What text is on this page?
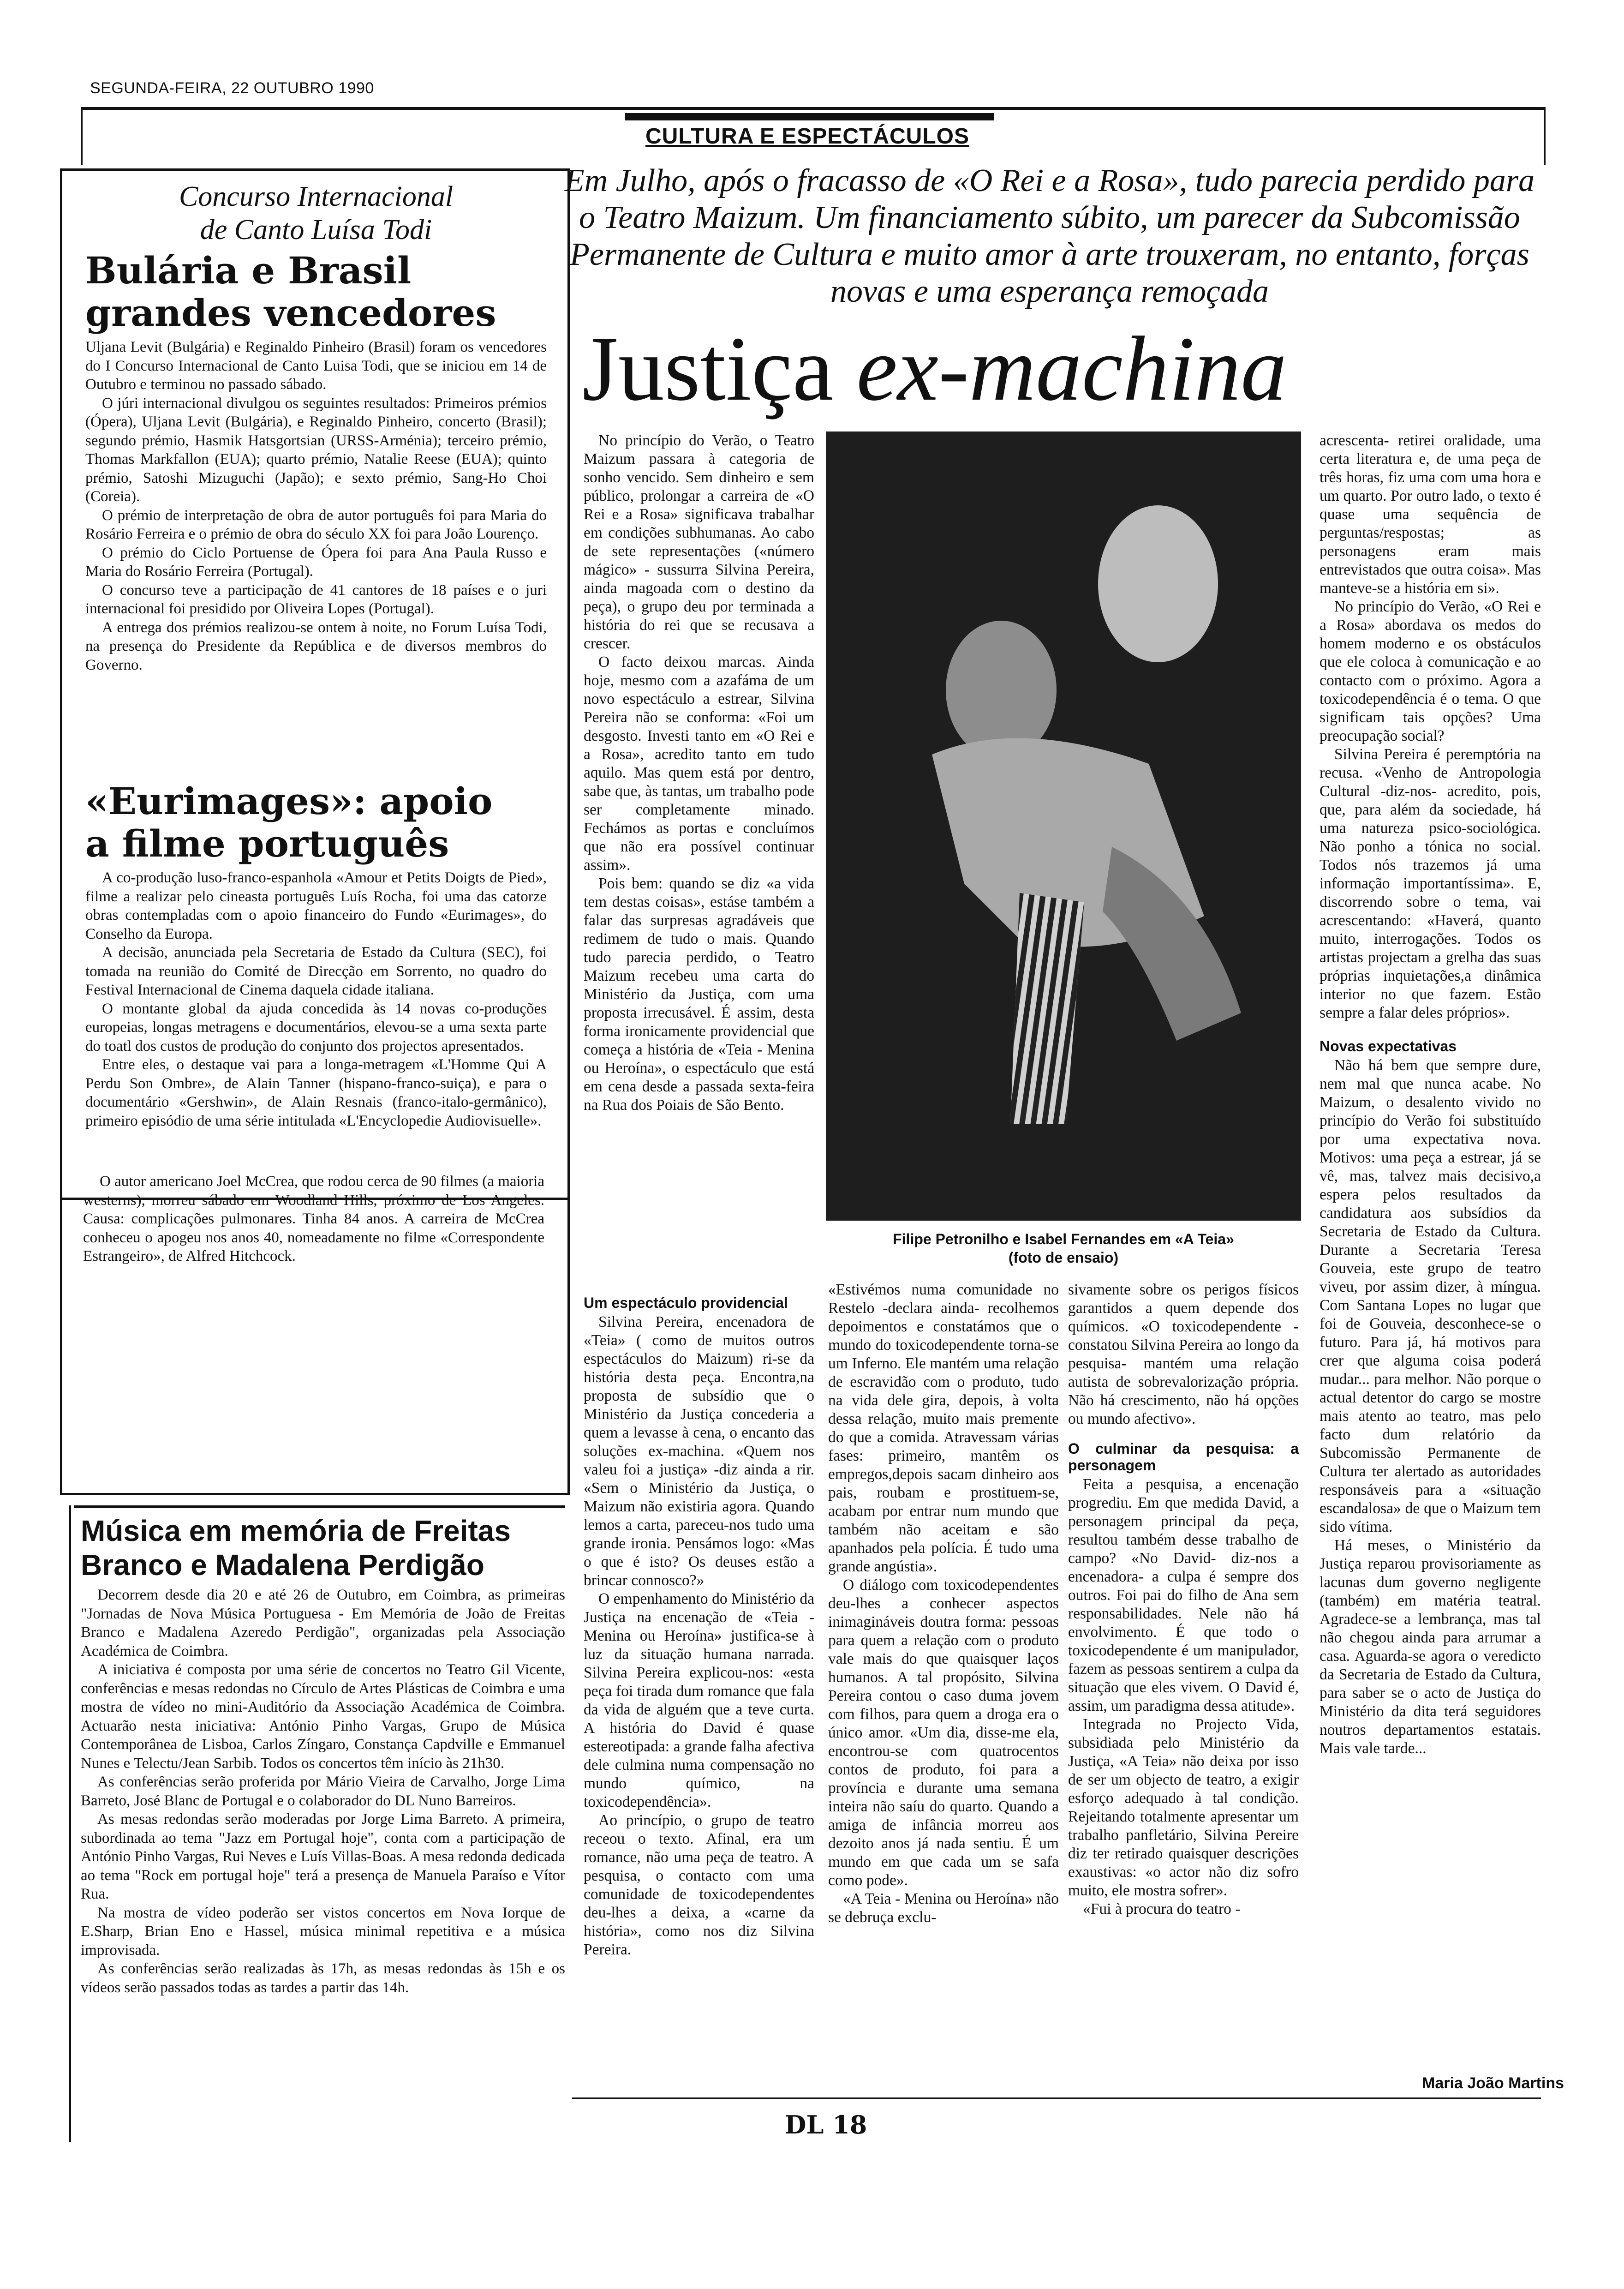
SEGUNDA-FEIRA, 22 OUTUBRO 1990
CULTURA E ESPECTÁCULOS
Em Julho, após o fracasso de «O Rei e a Rosa», tudo parecia perdido para o Teatro Maizum. Um financiamento súbito, um parecer da Subcomissão Permanente de Cultura e muito amor à arte trouxeram, no entanto, forças novas e uma esperança remoçada
Justiça ex-machina
Concurso Internacional
de Canto Luísa Todi
Bulária e Brasil
grandes vencedores

Uljana Levit (Bulgária) e Reginaldo Pinheiro (Brasil) foram os vencedores do I Concurso Internacional de Canto Luisa Todi, que se iniciou em 14 de Outubro e terminou no passado sábado.

O júri internacional divulgou os seguintes resultados: Primeiros prémios (Ópera), Uljana Levit (Bulgária), e Reginaldo Pinheiro, concerto (Brasil); segundo prémio, Hasmik Hatsgortsian (URSS-Arménia); terceiro prémio, Thomas Markfallon (EUA); quarto prémio, Natalie Reese (EUA); quinto prémio, Satoshi Mizuguchi (Japão); e sexto prémio, Sang-Ho Choi (Coreia).

O prémio de interpretação de obra de autor português foi para Maria do Rosário Ferreira e o prémio de obra do século XX foi para João Lourenço.

O prémio do Ciclo Portuense de Ópera foi para Ana Paula Russo e Maria do Rosário Ferreira (Portugal).

O concurso teve a participação de 41 cantores de 18 países e o juri internacional foi presidido por Oliveira Lopes (Portugal).

A entrega dos prémios realizou-se ontem à noite, no Forum Luísa Todi, na presença do Presidente da República e de diversos membros do Governo.

«Eurimages»: apoio
a filme português

A co-produção luso-franco-espanhola «Amour et Petits Doigts de Pied», filme a realizar pelo cineasta português Luís Rocha, foi uma das catorze obras contempladas com o apoio financeiro do Fundo «Eurimages», do Conselho da Europa.

A decisão, anunciada pela Secretaria de Estado da Cultura (SEC), foi tomada na reunião do Comité de Direcção em Sorrento, no quadro do Festival Internacional de Cinema daquela cidade italiana.

O montante global da ajuda concedida às 14 novas co-produções europeias, longas metragens e documentários, elevou-se a uma sexta parte do toatl dos custos de produção do conjunto dos projectos apresentados.

Entre eles, o destaque vai para a longa-metragem «L'Homme Qui A Perdu Son Ombre», de Alain Tanner (hispano-franco-suiça), e para o documentário «Gershwin», de Alain Resnais (franco-italo-germânico), primeiro episódio de uma série intitulada «L'Encyclopedie Audiovisuelle».

O autor americano Joel McCrea, que rodou cerca de 90 filmes (a maioria westerns), morreu sábado em Woodland Hills, próximo de Los Angeles. Causa: complicações pulmonares. Tinha 84 anos. A carreira de McCrea conheceu o apogeu nos anos 40, nomeadamente no filme «Correspondente Estrangeiro», de Alfred Hitchcock.

Música em memória de Freitas
Branco e Madalena Perdigão

Decorrem desde dia 20 e até 26 de Outubro, em Coimbra, as primeiras "Jornadas de Nova Música Portuguesa - Em Memória de João de Freitas Branco e Madalena Azeredo Perdigão", organizadas pela Associação Académica de Coimbra.

A iniciativa é composta por uma série de concertos no Teatro Gil Vicente, conferências e mesas redondas no Círculo de Artes Plásticas de Coimbra e uma mostra de vídeo no mini-Auditório da Associação Académica de Coimbra. Actuarão nesta iniciativa: António Pinho Vargas, Grupo de Música Contemporânea de Lisboa, Carlos Zíngaro, Constança Capdville e Emmanuel Nunes e Telectu/Jean Sarbib. Todos os concertos têm início às 21h30.

As conferências serão proferida por Mário Vieira de Carvalho, Jorge Lima Barreto, José Blanc de Portugal e o colaborador do DL Nuno Barreiros.

As mesas redondas serão moderadas por Jorge Lima Barreto. A primeira, subordinada ao tema "Jazz em Portugal hoje", conta com a participação de António Pinho Vargas, Rui Neves e Luís Villas-Boas. A mesa redonda dedicada ao tema "Rock em portugal hoje" terá a presença de Manuela Paraíso e Vítor Rua.

Na mostra de vídeo poderão ser vistos concertos em Nova Iorque de E.Sharp, Brian Eno e Hassel, música minimal repetitiva e a música improvisada.

As conferências serão realizadas às 17h, as mesas redondas às 15h e os vídeos serão passados todas as tardes a partir das 14h.

No princípio do Verão, o Teatro Maizum passara à categoria de sonho vencido. Sem dinheiro e sem público, prolongar a carreira de «O Rei e a Rosa» significava trabalhar em condições subhumanas. Ao cabo de sete representações («número mágico» - sussurra Silvina Pereira, ainda magoada com o destino da peça), o grupo deu por terminada a história do rei que se recusava a crescer.

O facto deixou marcas. Ainda hoje, mesmo com a azafáma de um novo espectáculo a estrear, Silvina Pereira não se conforma: «Foi um desgosto. Investi tanto em «O Rei e a Rosa», acredito tanto em tudo aquilo. Mas quem está por dentro, sabe que, às tantas, um trabalho pode ser completamente minado. Fechámos as portas e concluímos que não era possível continuar assim».

Pois bem: quando se diz «a vida tem destas coisas», estáse também a falar das surpresas agradáveis que redimem de tudo o mais. Quando tudo parecia perdido, o Teatro Maizum recebeu uma carta do Ministério da Justiça, com uma proposta irrecusável. É assim, desta forma ironicamente providencial que começa a história de «Teia - Menina ou Heroína», o espectáculo que está em cena desde a passada sexta-feira na Rua dos Poiais de São Bento.

Um espectáculo providencial

Silvina Pereira, encenadora de «Teia» ( como de muitos outros espectáculos do Maizum) ri-se da história desta peça. Encontra,na proposta de subsídio que o Ministério da Justiça concederia a quem a levasse à cena, o encanto das soluções ex-machina. «Quem nos valeu foi a justiça» -diz ainda a rir. «Sem o Ministério da Justiça, o Maizum não existiria agora. Quando lemos a carta, pareceu-nos tudo uma grande ironia. Pensámos logo: «Mas o que é isto? Os deuses estão a brincar connosco?»

O empenhamento do Ministério da Justiça na encenação de «Teia - Menina ou Heroína» justifica-se à luz da situação humana narrada. Silvina Pereira explicou-nos: «esta peça foi tirada dum romance que fala da vida de alguém que a teve curta. A história do David é quase estereotipada: a grande falha afectiva dele culmina numa compensação no mundo químico, na toxicodependência».

Ao princípio, o grupo de teatro receou o texto. Afinal, era um romance, não uma peça de teatro. A pesquisa, o contacto com uma comunidade de toxicodependentes deu-lhes a deixa, a «carne da história», como nos diz Silvina Pereira.

Filipe Petronilho e Isabel Fernandes em «A Teia»
(foto de ensaio)

«Estivémos numa comunidade no Restelo -declara ainda- recolhemos depoimentos e constatámos que o mundo do toxicodependente torna-se um Inferno. Ele mantém uma relação de escravidão com o produto, tudo na vida dele gira, depois, à volta dessa relação, muito mais premente do que a comida. Atravessam várias fases: primeiro, mantêm os empregos,depois sacam dinheiro aos pais, roubam e prostituem-se, acabam por entrar num mundo que também não aceitam e são apanhados pela polícia. É tudo uma grande angústia».

O diálogo com toxicodependentes deu-lhes a conhecer aspectos inimagináveis doutra forma: pessoas para quem a relação com o produto vale mais do que quaisquer laços humanos. A tal propósito, Silvina Pereira contou o caso duma jovem com filhos, para quem a droga era o único amor. «Um dia, disse-me ela, encontrou-se com quatrocentos contos de produto, foi para a província e durante uma semana inteira não saíu do quarto. Quando a amiga de infância morreu aos dezoito anos já nada sentiu. É um mundo em que cada um se safa como pode».

«A Teia - Menina ou Heroína» não se debruça exclu-

sivamente sobre os perigos físicos garantidos a quem depende dos químicos. «O toxicodependente - constatou Silvina Pereira ao longo da pesquisa- mantém uma relação autista de sobrevalorização própria. Não há crescimento, não há opções ou mundo afectivo».

O culminar da pesquisa: a personagem

Feita a pesquisa, a encenação progrediu. Em que medida David, a personagem principal da peça, resultou também desse trabalho de campo? «No David- diz-nos a encenadora- a culpa é sempre dos outros. Foi pai do filho de Ana sem responsabilidades. Nele não há envolvimento. É que todo o toxicodependente é um manipulador, fazem as pessoas sentirem a culpa da situação que eles vivem. O David é, assim, um paradigma dessa atitude».

Integrada no Projecto Vida, subsidiada pelo Ministério da Justiça, «A Teia» não deixa por isso de ser um objecto de teatro, a exigir esforço adequado à tal condição. Rejeitando totalmente apresentar um trabalho panfletário, Silvina Pereire diz ter retirado quaisquer descrições exaustivas: «o actor não diz sofro muito, ele mostra sofrer».

«Fui à procura do teatro -

acrescenta- retirei oralidade, uma certa literatura e, de uma peça de três horas, fiz uma com uma hora e um quarto. Por outro lado, o texto é quase uma sequência de perguntas/respostas; as personagens eram mais entrevistados que outra coisa». Mas manteve-se a história em si».

No princípio do Verão, «O Rei e a Rosa» abordava os medos do homem moderno e os obstáculos que ele coloca à comunicação e ao contacto com o próximo. Agora a toxicodependência é o tema. O que significam tais opções? Uma preocupação social?

Silvina Pereira é peremptória na recusa. «Venho de Antropologia Cultural -diz-nos- acredito, pois, que, para além da sociedade, há uma natureza psico-sociológica. Não ponho a tónica no social. Todos nós trazemos já uma informação importantíssima». E, discorrendo sobre o tema, vai acrescentando: «Haverá, quanto muito, interrogações. Todos os artistas projectam a grelha das suas próprias inquietações,a dinâmica interior no que fazem. Estão sempre a falar deles próprios».

Novas expectativas

Não há bem que sempre dure, nem mal que nunca acabe. No Maizum, o desalento vivido no princípio do Verão foi substituído por uma expectativa nova. Motivos: uma peça a estrear, já se vê, mas, talvez mais decisivo,a espera pelos resultados da candidatura aos subsídios da Secretaria de Estado da Cultura. Durante a Secretaria Teresa Gouveia, este grupo de teatro viveu, por assim dizer, à míngua. Com Santana Lopes no lugar que foi de Gouveia, desconhece-se o futuro. Para já, há motivos para crer que alguma coisa poderá mudar... para melhor. Não porque o actual detentor do cargo se mostre mais atento ao teatro, mas pelo facto dum relatório da Subcomissão Permanente de Cultura ter alertado as autoridades responsáveis para a «situação escandalosa» de que o Maizum tem sido vítima.

Há meses, o Ministério da Justiça reparou provisoriamente as lacunas dum governo negligente (também) em matéria teatral. Agradece-se a lembrança, mas tal não chegou ainda para arrumar a casa. Aguarda-se agora o veredicto da Secretaria de Estado da Cultura, para saber se o acto de Justiça do Ministério da dita terá seguidores noutros departamentos estatais. Mais vale tarde...

Maria João Martins
DL 18
